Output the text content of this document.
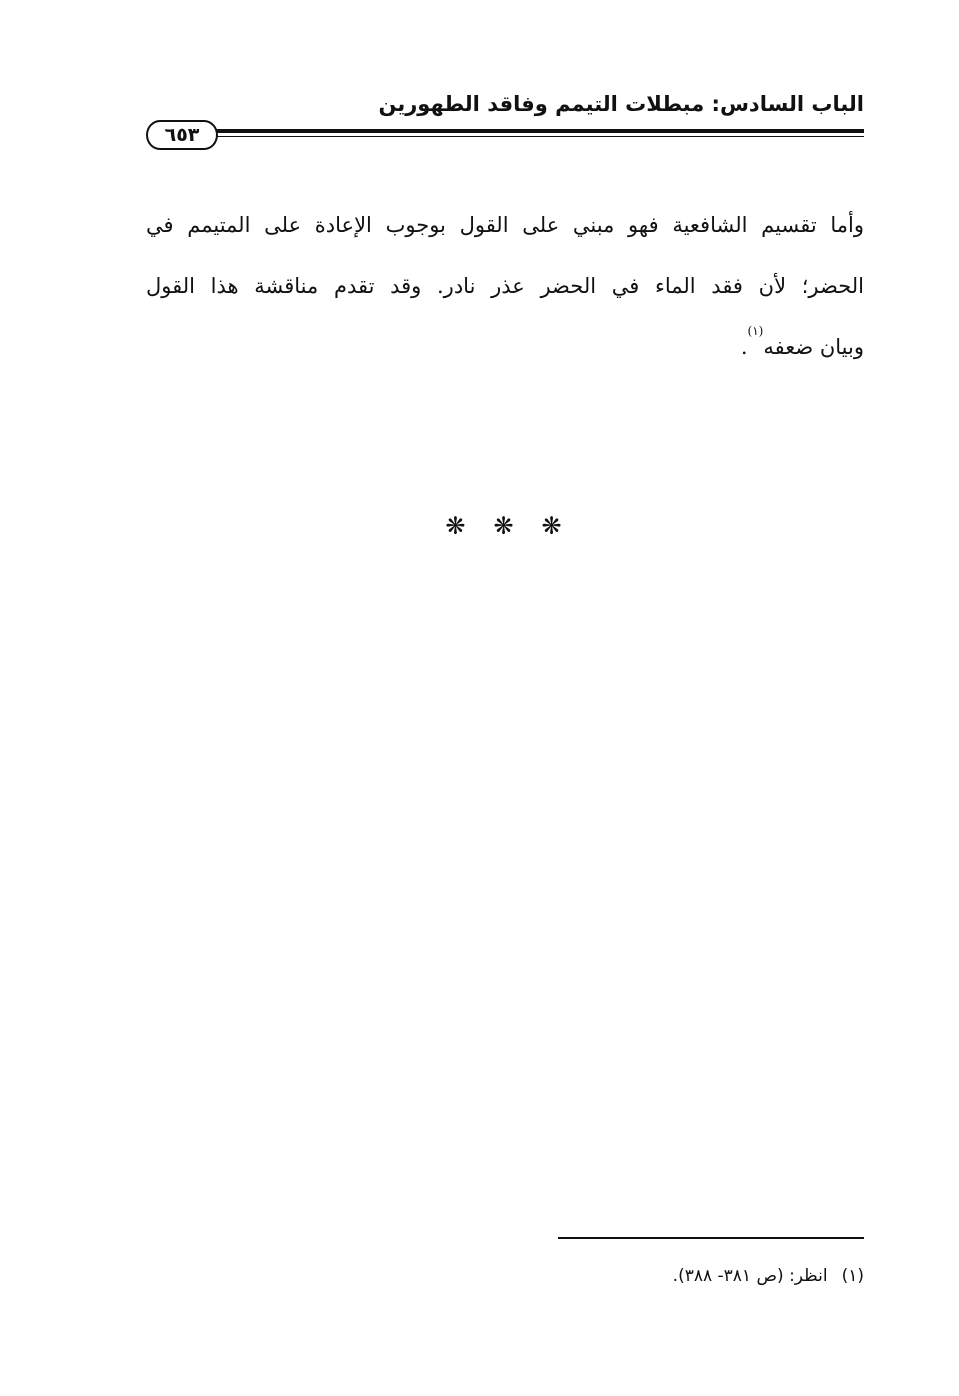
الباب السادس: مبطلات التيمم وفاقد الطهورين
٦٥٣
وأما تقسيم الشافعية فهو مبني على القول بوجوب الإعادة على المتيمم في
الحضر؛ لأن فقد الماء في الحضر عذر نادر. وقد تقدم مناقشة هذا القول
وبيان ضعفه$^{(١)}$.
❋ ❋ ❋
(١)انظر: (ص ٣٨١- ٣٨٨).
